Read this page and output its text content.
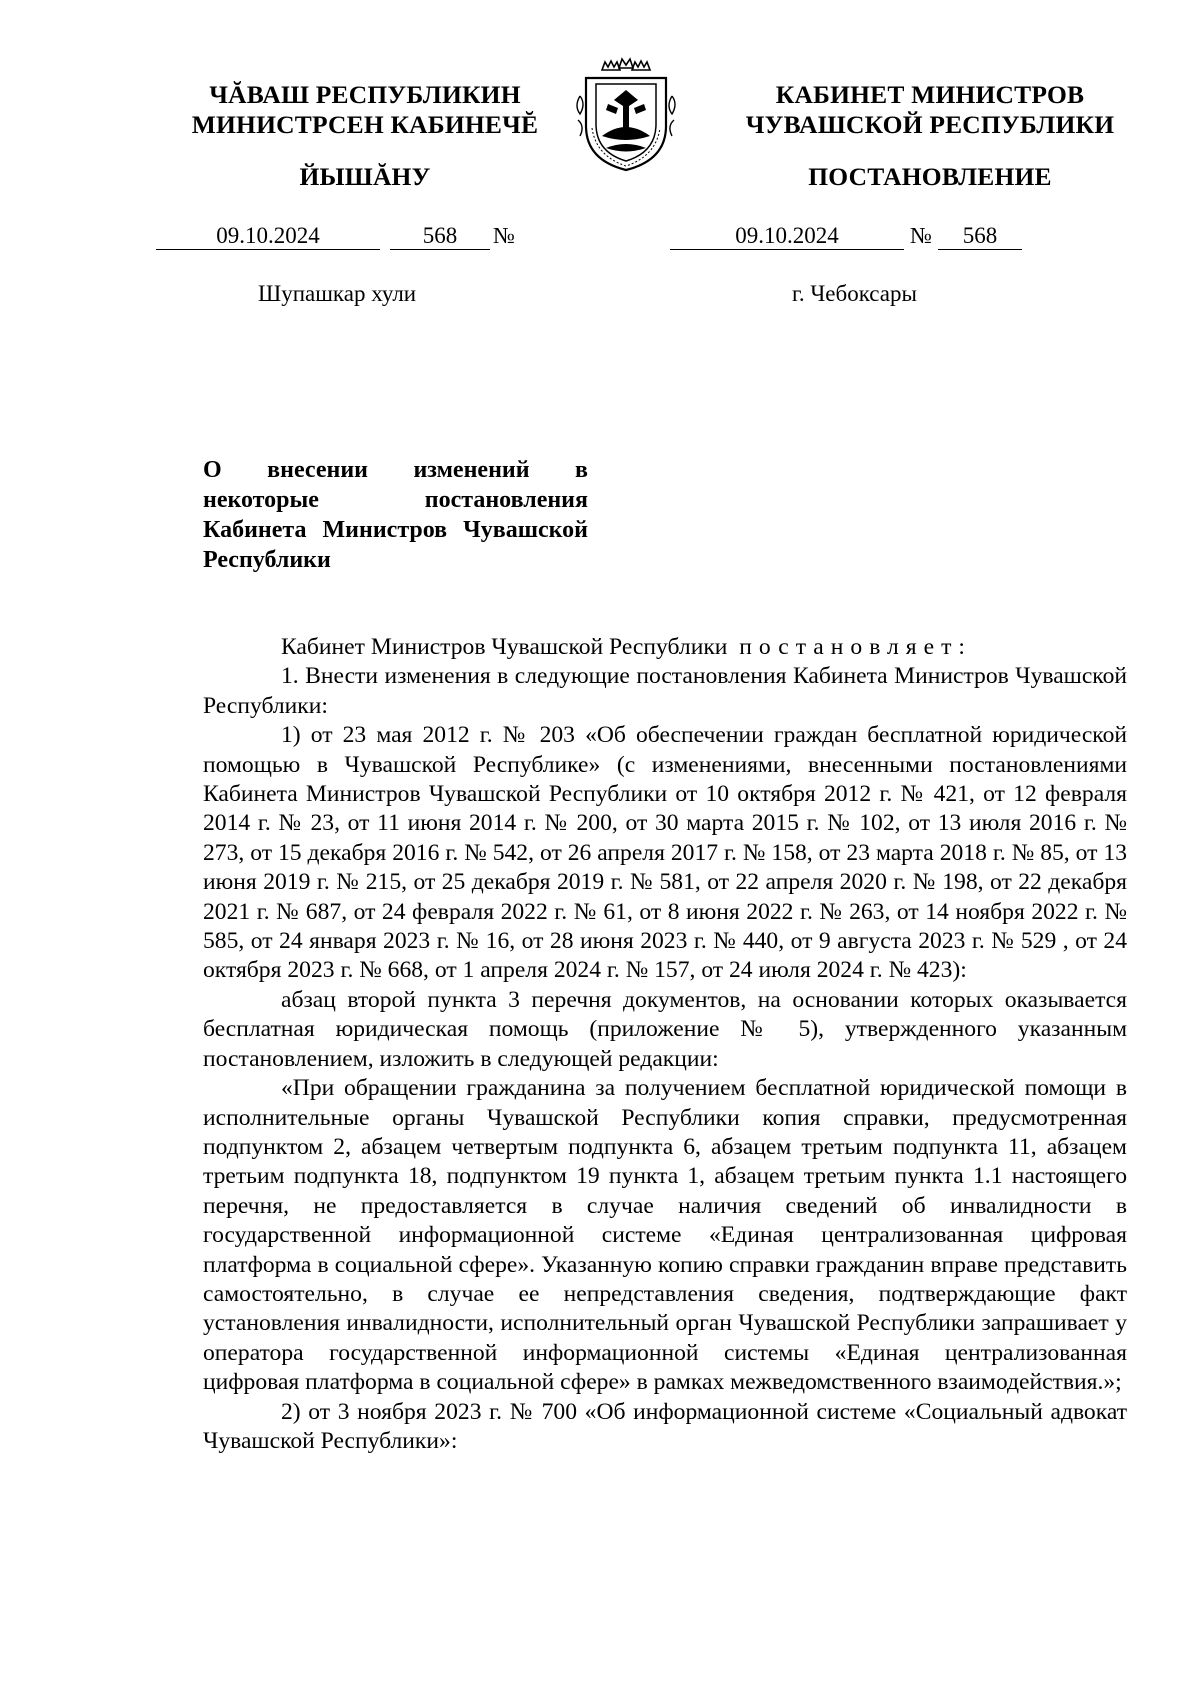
ЧĂВАШ РЕСПУБЛИКИН
МИНИСТРСЕН КАБИНЕЧĔ
ЙЫШĂНУ
КАБИНЕТ МИНИСТРОВ
ЧУВАШСКОЙ РЕСПУБЛИКИ
ПОСТАНОВЛЕНИЕ
09.10.2024	568	№	09.10.2024	№	568
Шупашкар хули	г. Чебоксары
О внесении изменений в некоторые постановления Кабинета Министров Чувашской Республики

Кабинет Министров Чувашской Республики постановляет:

1. Внести изменения в следующие постановления Кабинета Министров Чувашской Республики:

1) от 23 мая 2012 г. № 203 «Об обеспечении граждан бесплатной юридической помощью в Чувашской Республике» (с изменениями, внесенными постановлениями Кабинета Министров Чувашской Республики от 10 октября 2012 г. № 421, от 12 февраля 2014 г. № 23, от 11 июня 2014 г. № 200, от 30 марта 2015 г. № 102, от 13 июля 2016 г. № 273, от 15 декабря 2016 г. № 542, от 26 апреля 2017 г. № 158, от 23 марта 2018 г. № 85, от 13 июня 2019 г. № 215, от 25 декабря 2019 г. № 581, от 22 апреля 2020 г. № 198, от 22 декабря 2021 г. № 687, от 24 февраля 2022 г. № 61, от 8 июня 2022 г. № 263, от 14 ноября 2022 г. № 585, от 24 января 2023 г. № 16, от 28 июня 2023 г. № 440, от 9 августа 2023 г. № 529 , от 24 октября 2023 г. № 668, от 1 апреля 2024 г. № 157, от 24 июля 2024 г. № 423):

абзац второй пункта 3 перечня документов, на основании которых оказывается бесплатная юридическая помощь (приложение № 5), утвержденного указанным постановлением, изложить в следующей редакции:

«При обращении гражданина за получением бесплатной юридической помощи в исполнительные органы Чувашской Республики копия справки, предусмотренная подпунктом 2, абзацем четвертым подпункта 6, абзацем третьим подпункта 11, абзацем третьим подпункта 18, подпунктом 19 пункта 1, абзацем третьим пункта 1.1 настоящего перечня, не предоставляется в случае наличия сведений об инвалидности в государственной информационной системе «Единая централизованная цифровая платформа в социальной сфере». Указанную копию справки гражданин вправе представить самостоятельно, в случае ее непредставления сведения, подтверждающие факт установления инвалидности, исполнительный орган Чувашской Республики запрашивает у оператора государственной информационной системы «Единая централизованная цифровая платформа в социальной сфере» в рамках межведомственного взаимодействия.»;

2) от 3 ноября 2023 г. № 700 «Об информационной системе «Социальный адвокат Чувашской Республики»:
